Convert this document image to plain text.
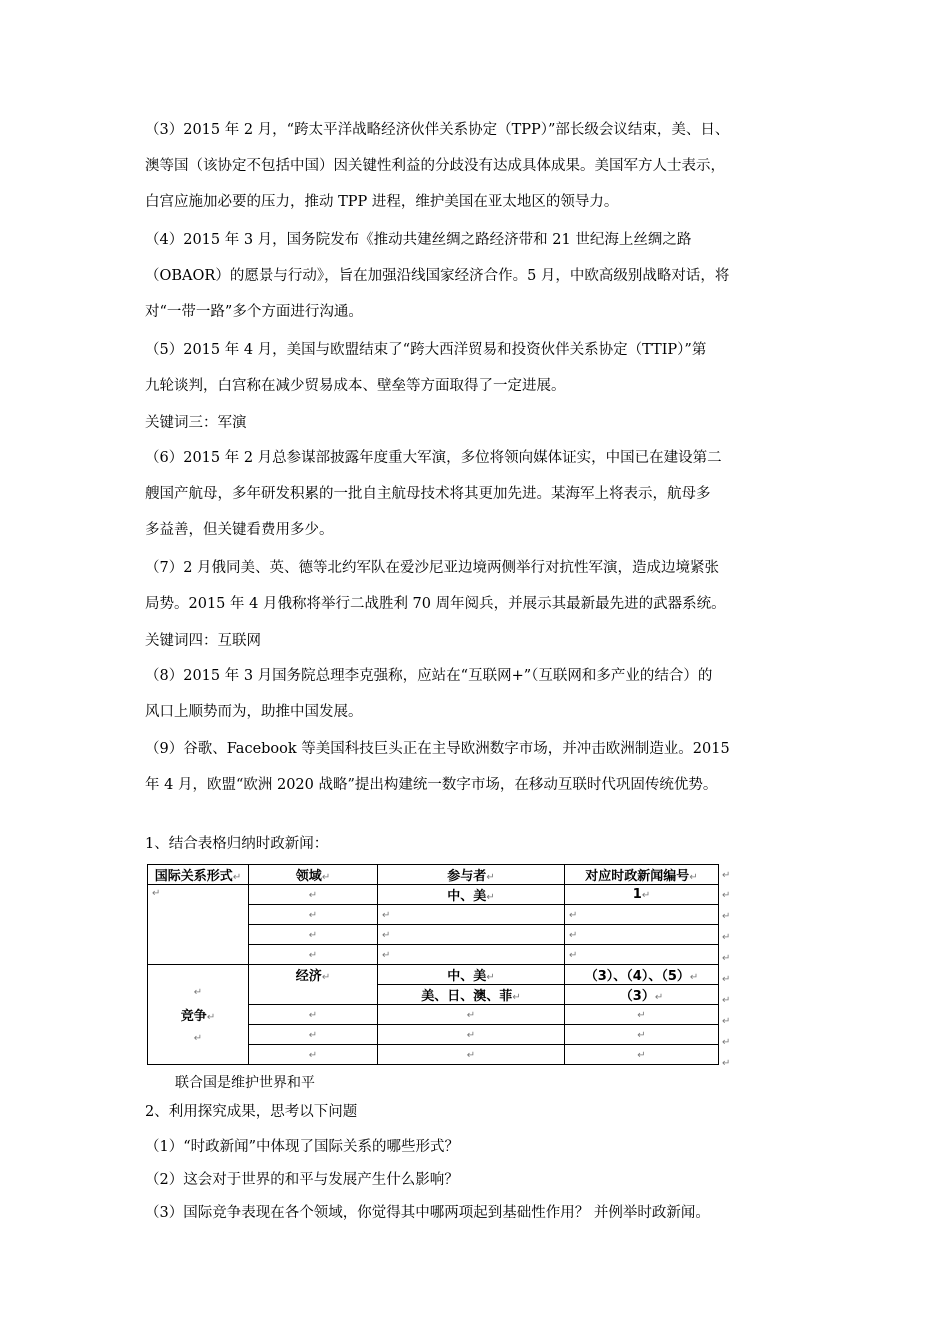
（3）2015 年 2 月，“跨太平洋战略经济伙伴关系协定（TPP）”部长级会议结束，美、日、
澳等国（该协定不包括中国）因关键性利益的分歧没有达成具体成果。美国军方人士表示，
白宫应施加必要的压力，推动 TPP 进程，维护美国在亚太地区的领导力。
（4）2015 年 3 月，国务院发布《推动共建丝绸之路经济带和 21 世纪海上丝绸之路
（OBAOR）的愿景与行动》，旨在加强沿线国家经济合作。5 月，中欧高级别战略对话，将
对“一带一路”多个方面进行沟通。
（5）2015 年 4 月，美国与欧盟结束了“跨大西洋贸易和投资伙伴关系协定（TTIP）”第
九轮谈判，白宫称在减少贸易成本、壁垒等方面取得了一定进展。
关键词三：军演
（6）2015 年 2 月总参谋部披露年度重大军演，多位将领向媒体证实，中国已在建设第二
艘国产航母，多年研发积累的一批自主航母技术将其更加先进。某海军上将表示，航母多
多益善，但关键看费用多少。
（7）2 月俄同美、英、德等北约军队在爱沙尼亚边境两侧举行对抗性军演，造成边境紧张
局势。2015 年 4 月俄称将举行二战胜利 70 周年阅兵，并展示其最新最先进的武器系统。
关键词四：互联网
（8）2015 年 3 月国务院总理李克强称，应站在“互联网+”（互联网和多产业的结合）的
风口上顺势而为，助推中国发展。
（9）谷歌、Facebook 等美国科技巨头正在主导欧洲数字市场，并冲击欧洲制造业。2015
年 4 月，欧盟“欧洲 2020 战略”提出构建统一数字市场，在移动互联时代巩固传统优势。
1、结合表格归纳时政新闻：
国际关系形式↵	领域↵	参与者↵	对应时政新闻编号↵
↵	↵	中、美↵	1↵
	↵	↵	↵
	↵	↵	↵
	↵	↵	↵

↵
竞争↵
↵	经济↵	中、美↵	（3）、（4）、（5）↵
		美、日、澳、菲↵	（3）↵
	↵	↵	↵
	↵	↵	↵
	↵	↵	↵
↵
↵
↵
↵
↵
↵
↵
↵
↵
↵
联合国是维护世界和平
2、利用探究成果，思考以下问题
（1）“时政新闻”中体现了国际关系的哪些形式？
（2）这会对于世界的和平与发展产生什么影响？
（3）国际竞争表现在各个领域，你觉得其中哪两项起到基础性作用？ 并例举时政新闻。
